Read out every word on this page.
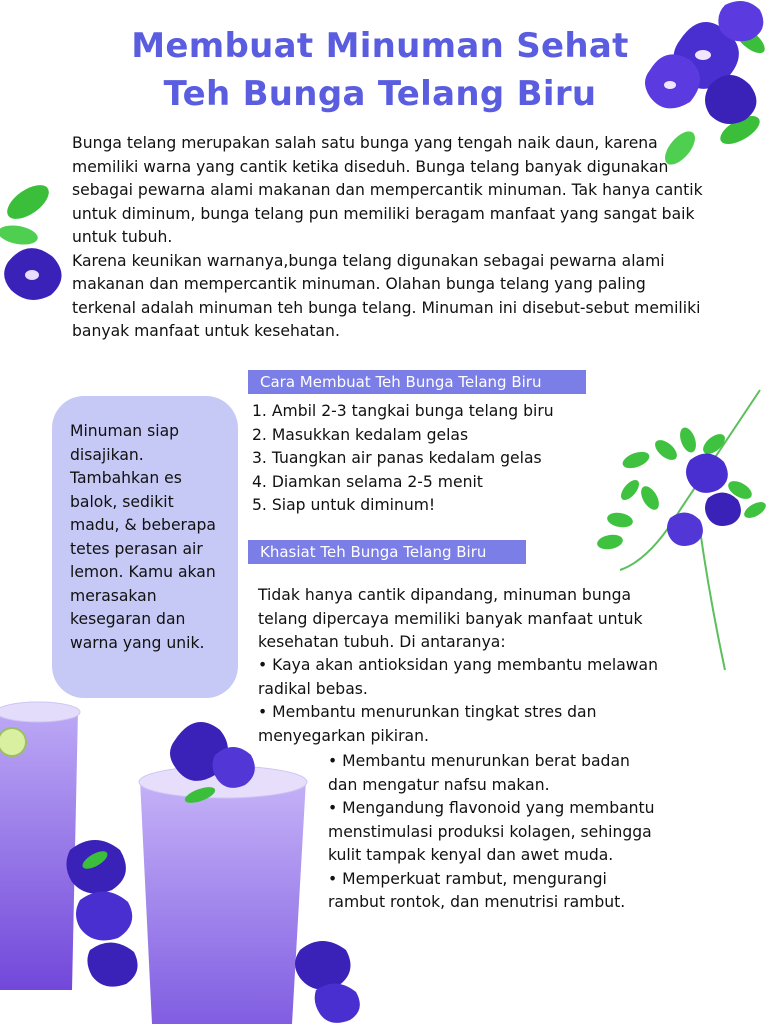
Membuat Minuman Sehat
Teh Bunga Telang Biru

Bunga telang merupakan salah satu bunga yang tengah naik daun, karena memiliki warna yang cantik ketika diseduh. Bunga telang banyak digunakan sebagai pewarna alami makanan dan mempercantik minuman. Tak hanya cantik untuk diminum, bunga telang pun memiliki beragam manfaat yang sangat baik untuk tubuh.

Karena keunikan warnanya,bunga telang digunakan sebagai pewarna alami makanan dan mempercantik minuman. Olahan bunga telang yang paling terkenal adalah minuman teh bunga telang. Minuman ini disebut-sebut memiliki banyak manfaat untuk kesehatan.

Minuman siap disajikan. Tambahkan es balok, sedikit madu, & beberapa tetes perasan air lemon. Kamu akan merasakan kesegaran dan warna yang unik.
Cara Membuat Teh Bunga Telang Biru
1. Ambil 2-3 tangkai bunga telang biru
2. Masukkan kedalam gelas
3. Tuangkan air panas kedalam gelas
4. Diamkan selama 2-5 menit
5. Siap untuk diminum!
Khasiat Teh Bunga Telang Biru
Tidak hanya cantik dipandang, minuman bunga telang dipercaya memiliki banyak manfaat untuk kesehatan tubuh. Di antaranya:
• Kaya akan antioksidan yang membantu melawan radikal bebas.
• Membantu menurunkan tingkat stres dan menyegarkan pikiran.
• Membantu menurunkan berat badan dan mengatur nafsu makan.
• Mengandung flavonoid yang membantu menstimulasi produksi kolagen, sehingga kulit tampak kenyal dan awet muda.
• Memperkuat rambut, mengurangi rambut rontok, dan menutrisi rambut.
